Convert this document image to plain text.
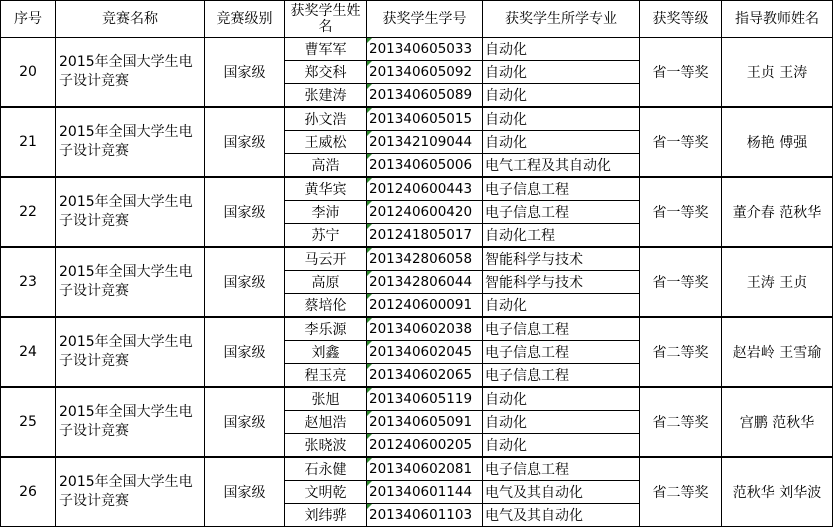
序号	竞赛名称	竞赛级别	获奖学生姓名	获奖学生学号	获奖学生所学专业	获奖等级	指导教师姓名
20	2015年全国大学生电子设计竞赛	国家级	曹军军	201340605033	自动化	省一等奖	王贞 王涛
			郑交科	201340605092	自动化		
			张建涛	201340605089	自动化		
21	2015年全国大学生电子设计竞赛	国家级	孙文浩	201340605015	自动化	省一等奖	杨艳 傅强
			王威松	201342109044	自动化		
			高浩	201340605006	电气工程及其自动化		
22	2015年全国大学生电子设计竞赛	国家级	黄华宾	201240600443	电子信息工程	省一等奖	董介春 范秋华
			李沛	201240600420	电子信息工程		
			苏宁	201241805017	自动化工程		
23	2015年全国大学生电子设计竞赛	国家级	马云开	201342806058	智能科学与技术	省一等奖	王涛 王贞
			高原	201342806044	智能科学与技术		
			蔡培伦	201240600091	自动化		
24	2015年全国大学生电子设计竞赛	国家级	李乐源	201340602038	电子信息工程	省二等奖	赵岩岭 王雪瑜
			刘鑫	201340602045	电子信息工程		
			程玉亮	201340602065	电子信息工程		
25	2015年全国大学生电子设计竞赛	国家级	张旭	201340605119	自动化	省二等奖	宫鹏 范秋华
			赵旭浩	201340605091	自动化		
			张晓波	201240600205	自动化		
26	2015年全国大学生电子设计竞赛	国家级	石永健	201340602081	电子信息工程	省二等奖	范秋华 刘华波
			文明乾	201340601144	电气及其自动化		
			刘纬骅	201340601103	电气及其自动化		
